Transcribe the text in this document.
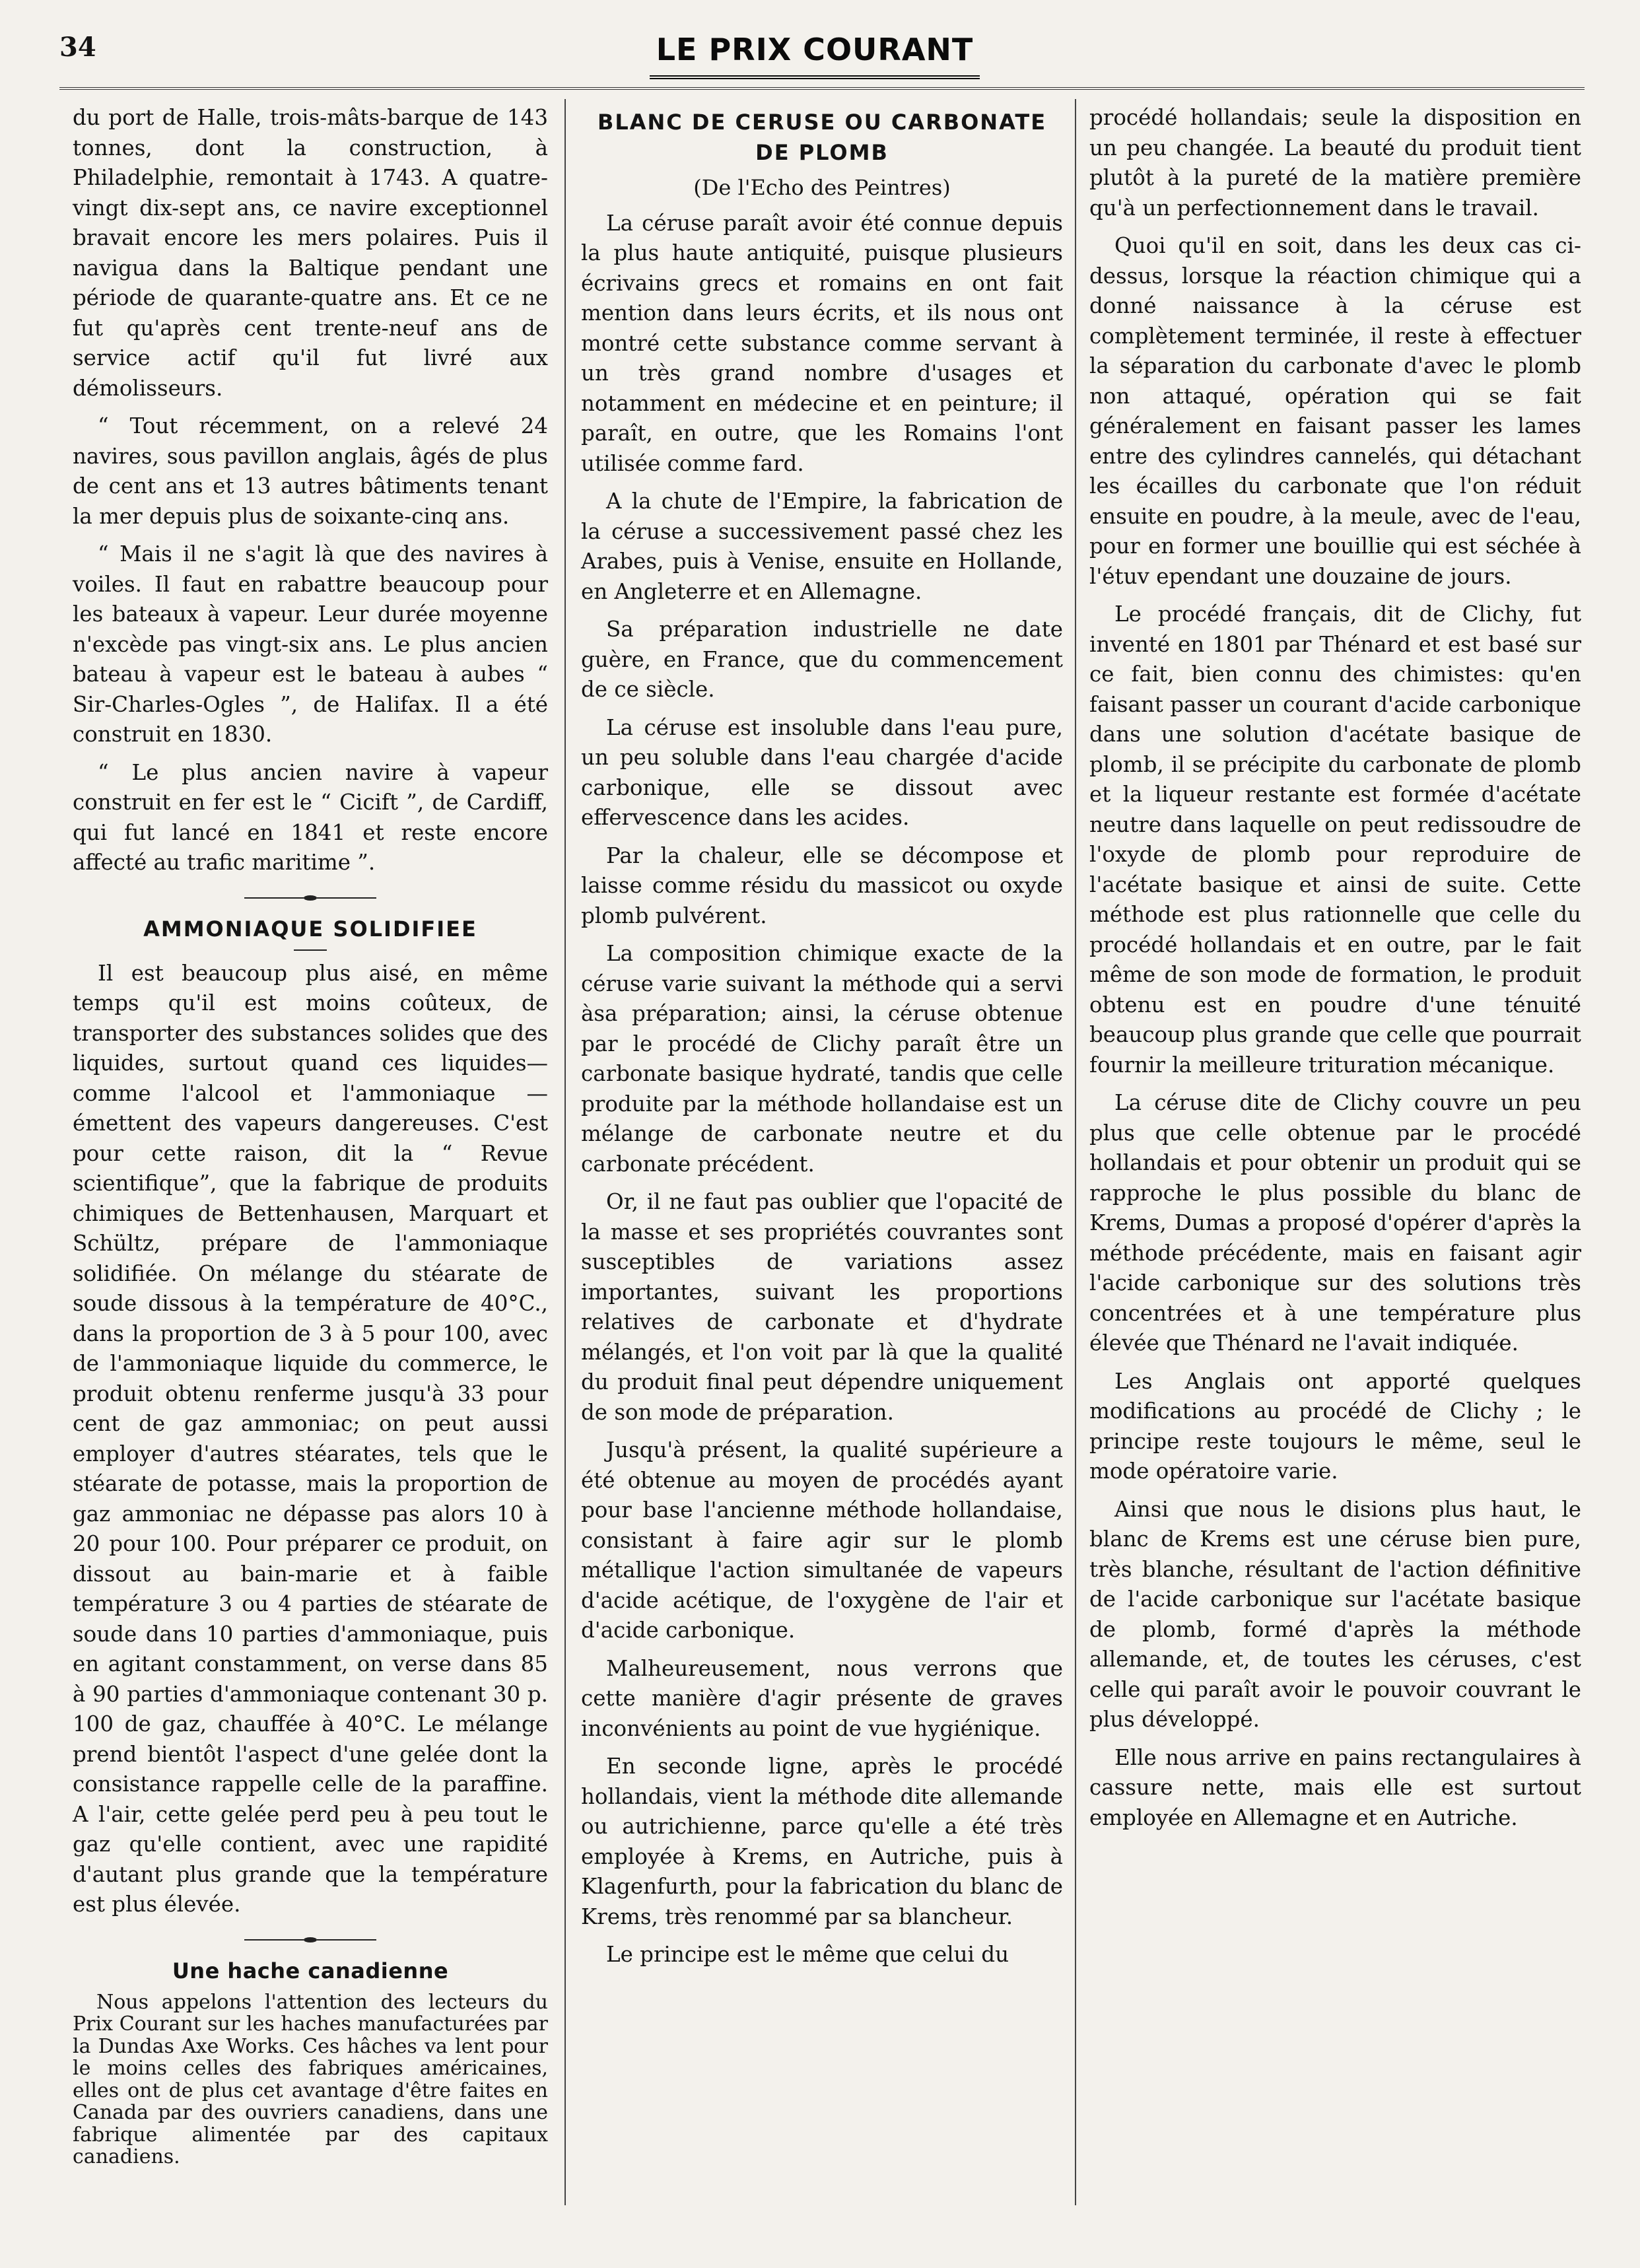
34	LE PRIX COURANT

du port de Halle, trois-mâts-barque de 143 tonnes, dont la construction, à Philadelphie, remontait à 1743. A quatre-vingt dix-sept ans, ce navire exceptionnel bravait encore les mers polaires. Puis il navigua dans la Baltique pendant une période de quarante-quatre ans. Et ce ne fut qu'après cent trente-neuf ans de service actif qu'il fut livré aux démolisseurs.

“ Tout récemment, on a relevé 24 navires, sous pavillon anglais, âgés de plus de cent ans et 13 autres bâtiments tenant la mer depuis plus de soixante-cinq ans.

“ Mais il ne s'agit là que des navires à voiles. Il faut en rabattre beaucoup pour les bateaux à vapeur. Leur durée moyenne n'excède pas vingt-six ans. Le plus ancien bateau à vapeur est le bateau à aubes “ Sir-Charles-Ogles ”, de Halifax. Il a été construit en 1830.

“ Le plus ancien navire à vapeur construit en fer est le “ Cicift ”, de Cardiff, qui fut lancé en 1841 et reste encore affecté au trafic maritime ”.

AMMONIAQUE SOLIDIFIEE

Il est beaucoup plus aisé, en même temps qu'il est moins coûteux, de transporter des substances solides que des liquides, surtout quand ces liquides—comme l'alcool et l'ammoniaque — émettent des vapeurs dangereuses. C'est pour cette raison, dit la “ Revue scientifique”, que la fabrique de produits chimiques de Bettenhausen, Marquart et Schültz, prépare de l'ammoniaque solidifiée. On mélange du stéarate de soude dissous à la température de 40°C., dans la proportion de 3 à 5 pour 100, avec de l'ammoniaque liquide du commerce, le produit obtenu renferme jusqu'à 33 pour cent de gaz ammoniac; on peut aussi employer d'autres stéarates, tels que le stéarate de potasse, mais la proportion de gaz ammoniac ne dépasse pas alors 10 à 20 pour 100. Pour préparer ce produit, on dissout au bain-marie et à faible température 3 ou 4 parties de stéarate de soude dans 10 parties d'ammoniaque, puis en agitant constamment, on verse dans 85 à 90 parties d'ammoniaque contenant 30 p. 100 de gaz, chauffée à 40°C. Le mélange prend bientôt l'aspect d'une gelée dont la consistance rappelle celle de la paraffine. A l'air, cette gelée perd peu à peu tout le gaz qu'elle contient, avec une rapidité d'autant plus grande que la température est plus élevée.

Une hache canadienne

Nous appelons l'attention des lecteurs du Prix Courant sur les haches manufacturées par la Dundas Axe Works. Ces hâches va lent pour le moins celles des fabriques américaines, elles ont de plus cet avantage d'être faites en Canada par des ouvriers canadiens, dans une fabrique alimentée par des capitaux canadiens.

BLANC DE CERUSE OU CARBONATE DE PLOMB
(De l'Echo des Peintres)

La céruse paraît avoir été connue depuis la plus haute antiquité, puisque plusieurs écrivains grecs et romains en ont fait mention dans leurs écrits, et ils nous ont montré cette substance comme servant à un très grand nombre d'usages et notamment en médecine et en peinture; il paraît, en outre, que les Romains l'ont utilisée comme fard.

A la chute de l'Empire, la fabrication de la céruse a successivement passé chez les Arabes, puis à Venise, ensuite en Hollande, en Angleterre et en Allemagne.

Sa préparation industrielle ne date guère, en France, que du commencement de ce siècle.

La céruse est insoluble dans l'eau pure, un peu soluble dans l'eau chargée d'acide carbonique, elle se dissout avec effervescence dans les acides.

Par la chaleur, elle se décompose et laisse comme résidu du massicot ou oxyde plomb pulvérent.

La composition chimique exacte de la céruse varie suivant la méthode qui a servi àsa préparation; ainsi, la céruse obtenue par le procédé de Clichy paraît être un carbonate basique hydraté, tandis que celle produite par la méthode hollandaise est un mélange de carbonate neutre et du carbonate précédent.

Or, il ne faut pas oublier que l'opacité de la masse et ses propriétés couvrantes sont susceptibles de variations assez importantes, suivant les proportions relatives de carbonate et d'hydrate mélangés, et l'on voit par là que la qualité du produit final peut dépendre uniquement de son mode de préparation.

Jusqu'à présent, la qualité supérieure a été obtenue au moyen de procédés ayant pour base l'ancienne méthode hollandaise, consistant à faire agir sur le plomb métallique l'action simultanée de vapeurs d'acide acétique, de l'oxygène de l'air et d'acide carbonique.

Malheureusement, nous verrons que cette manière d'agir présente de graves inconvénients au point de vue hygiénique.

En seconde ligne, après le procédé hollandais, vient la méthode dite allemande ou autrichienne, parce qu'elle a été très employée à Krems, en Autriche, puis à Klagenfurth, pour la fabrication du blanc de Krems, très renommé par sa blancheur.

Le principe est le même que celui du

procédé hollandais; seule la disposition en un peu changée. La beauté du produit tient plutôt à la pureté de la matière première qu'à un perfectionnement dans le travail.

Quoi qu'il en soit, dans les deux cas ci-dessus, lorsque la réaction chimique qui a donné naissance à la céruse est complètement terminée, il reste à effectuer la séparation du carbonate d'avec le plomb non attaqué, opération qui se fait généralement en faisant passer les lames entre des cylindres cannelés, qui détachant les écailles du carbonate que l'on réduit ensuite en poudre, à la meule, avec de l'eau, pour en former une bouillie qui est séchée à l'étuv ependant une douzaine de jours.

Le procédé français, dit de Clichy, fut inventé en 1801 par Thénard et est basé sur ce fait, bien connu des chimistes: qu'en faisant passer un courant d'acide carbonique dans une solution d'acétate basique de plomb, il se précipite du carbonate de plomb et la liqueur restante est formée d'acétate neutre dans laquelle on peut redissoudre de l'oxyde de plomb pour reproduire de l'acétate basique et ainsi de suite. Cette méthode est plus rationnelle que celle du procédé hollandais et en outre, par le fait même de son mode de formation, le produit obtenu est en poudre d'une ténuité beaucoup plus grande que celle que pourrait fournir la meilleure trituration mécanique.

La céruse dite de Clichy couvre un peu plus que celle obtenue par le procédé hollandais et pour obtenir un produit qui se rapproche le plus possible du blanc de Krems, Dumas a proposé d'opérer d'après la méthode précédente, mais en faisant agir l'acide carbonique sur des solutions très concentrées et à une température plus élevée que Thénard ne l'avait indiquée.

Les Anglais ont apporté quelques modifications au procédé de Clichy ; le principe reste toujours le même, seul le mode opératoire varie.

Ainsi que nous le disions plus haut, le blanc de Krems est une céruse bien pure, très blanche, résultant de l'action définitive de l'acide carbonique sur l'acétate basique de plomb, formé d'après la méthode allemande, et, de toutes les céruses, c'est celle qui paraît avoir le pouvoir couvrant le plus développé.

Elle nous arrive en pains rectangulaires à cassure nette, mais elle est surtout employée en Allemagne et en Autriche.
